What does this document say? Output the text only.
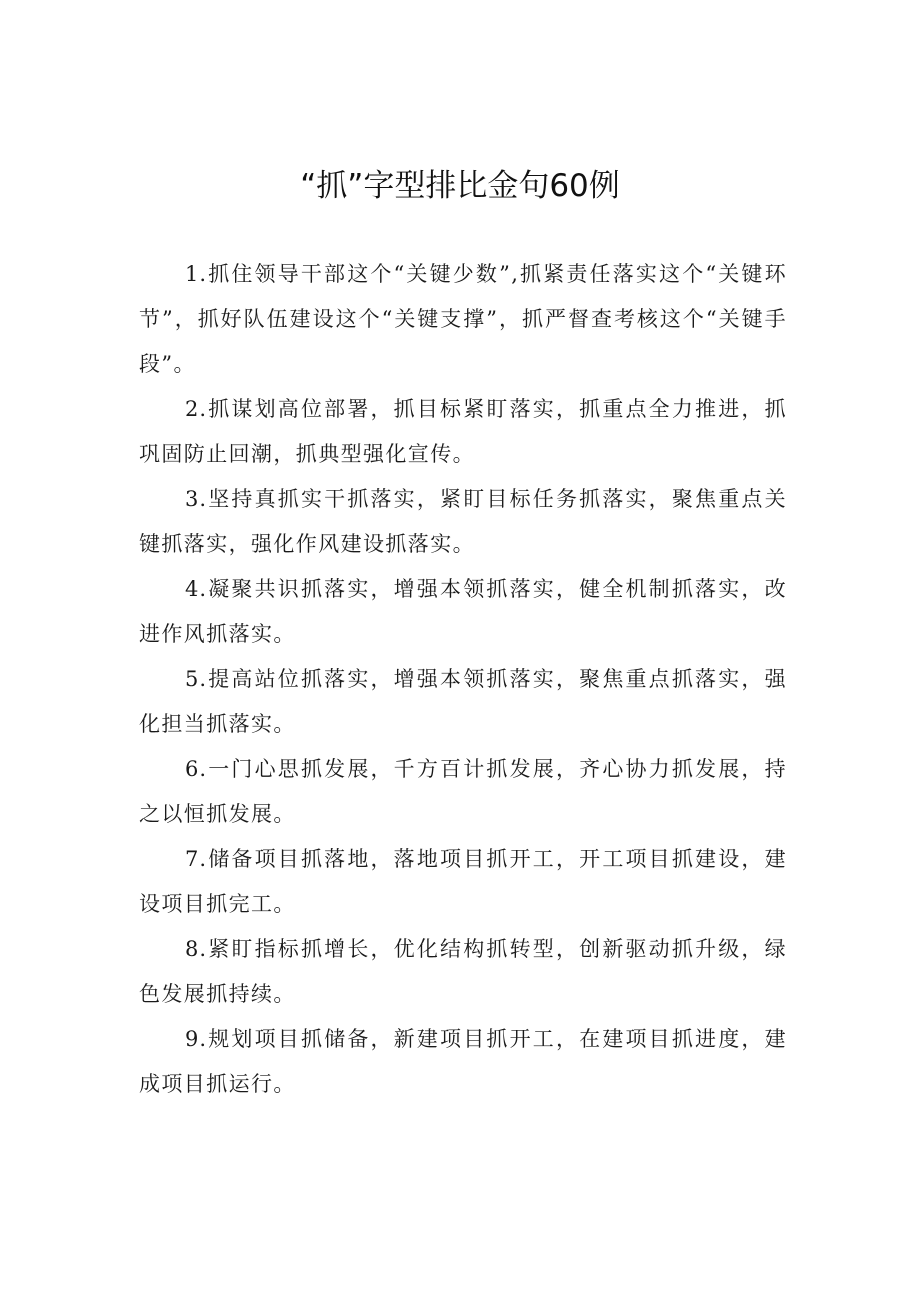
“抓”字型排比金句60例

1.抓住领导干部这个“关键少数”,抓紧责任落实这个“关键环节”，抓好队伍建设这个“关键支撑”，抓严督查考核这个“关键手段”。

2.抓谋划高位部署，抓目标紧盯落实，抓重点全力推进，抓巩固防止回潮，抓典型强化宣传。

3.坚持真抓实干抓落实，紧盯目标任务抓落实，聚焦重点关键抓落实，强化作风建设抓落实。

4.凝聚共识抓落实，增强本领抓落实，健全机制抓落实，改进作风抓落实。

5.提高站位抓落实，增强本领抓落实，聚焦重点抓落实，强化担当抓落实。

6.一门心思抓发展，千方百计抓发展，齐心协力抓发展，持之以恒抓发展。

7.储备项目抓落地，落地项目抓开工，开工项目抓建设，建设项目抓完工。

8.紧盯指标抓增长，优化结构抓转型，创新驱动抓升级，绿色发展抓持续。

9.规划项目抓储备，新建项目抓开工，在建项目抓进度，建成项目抓运行。
